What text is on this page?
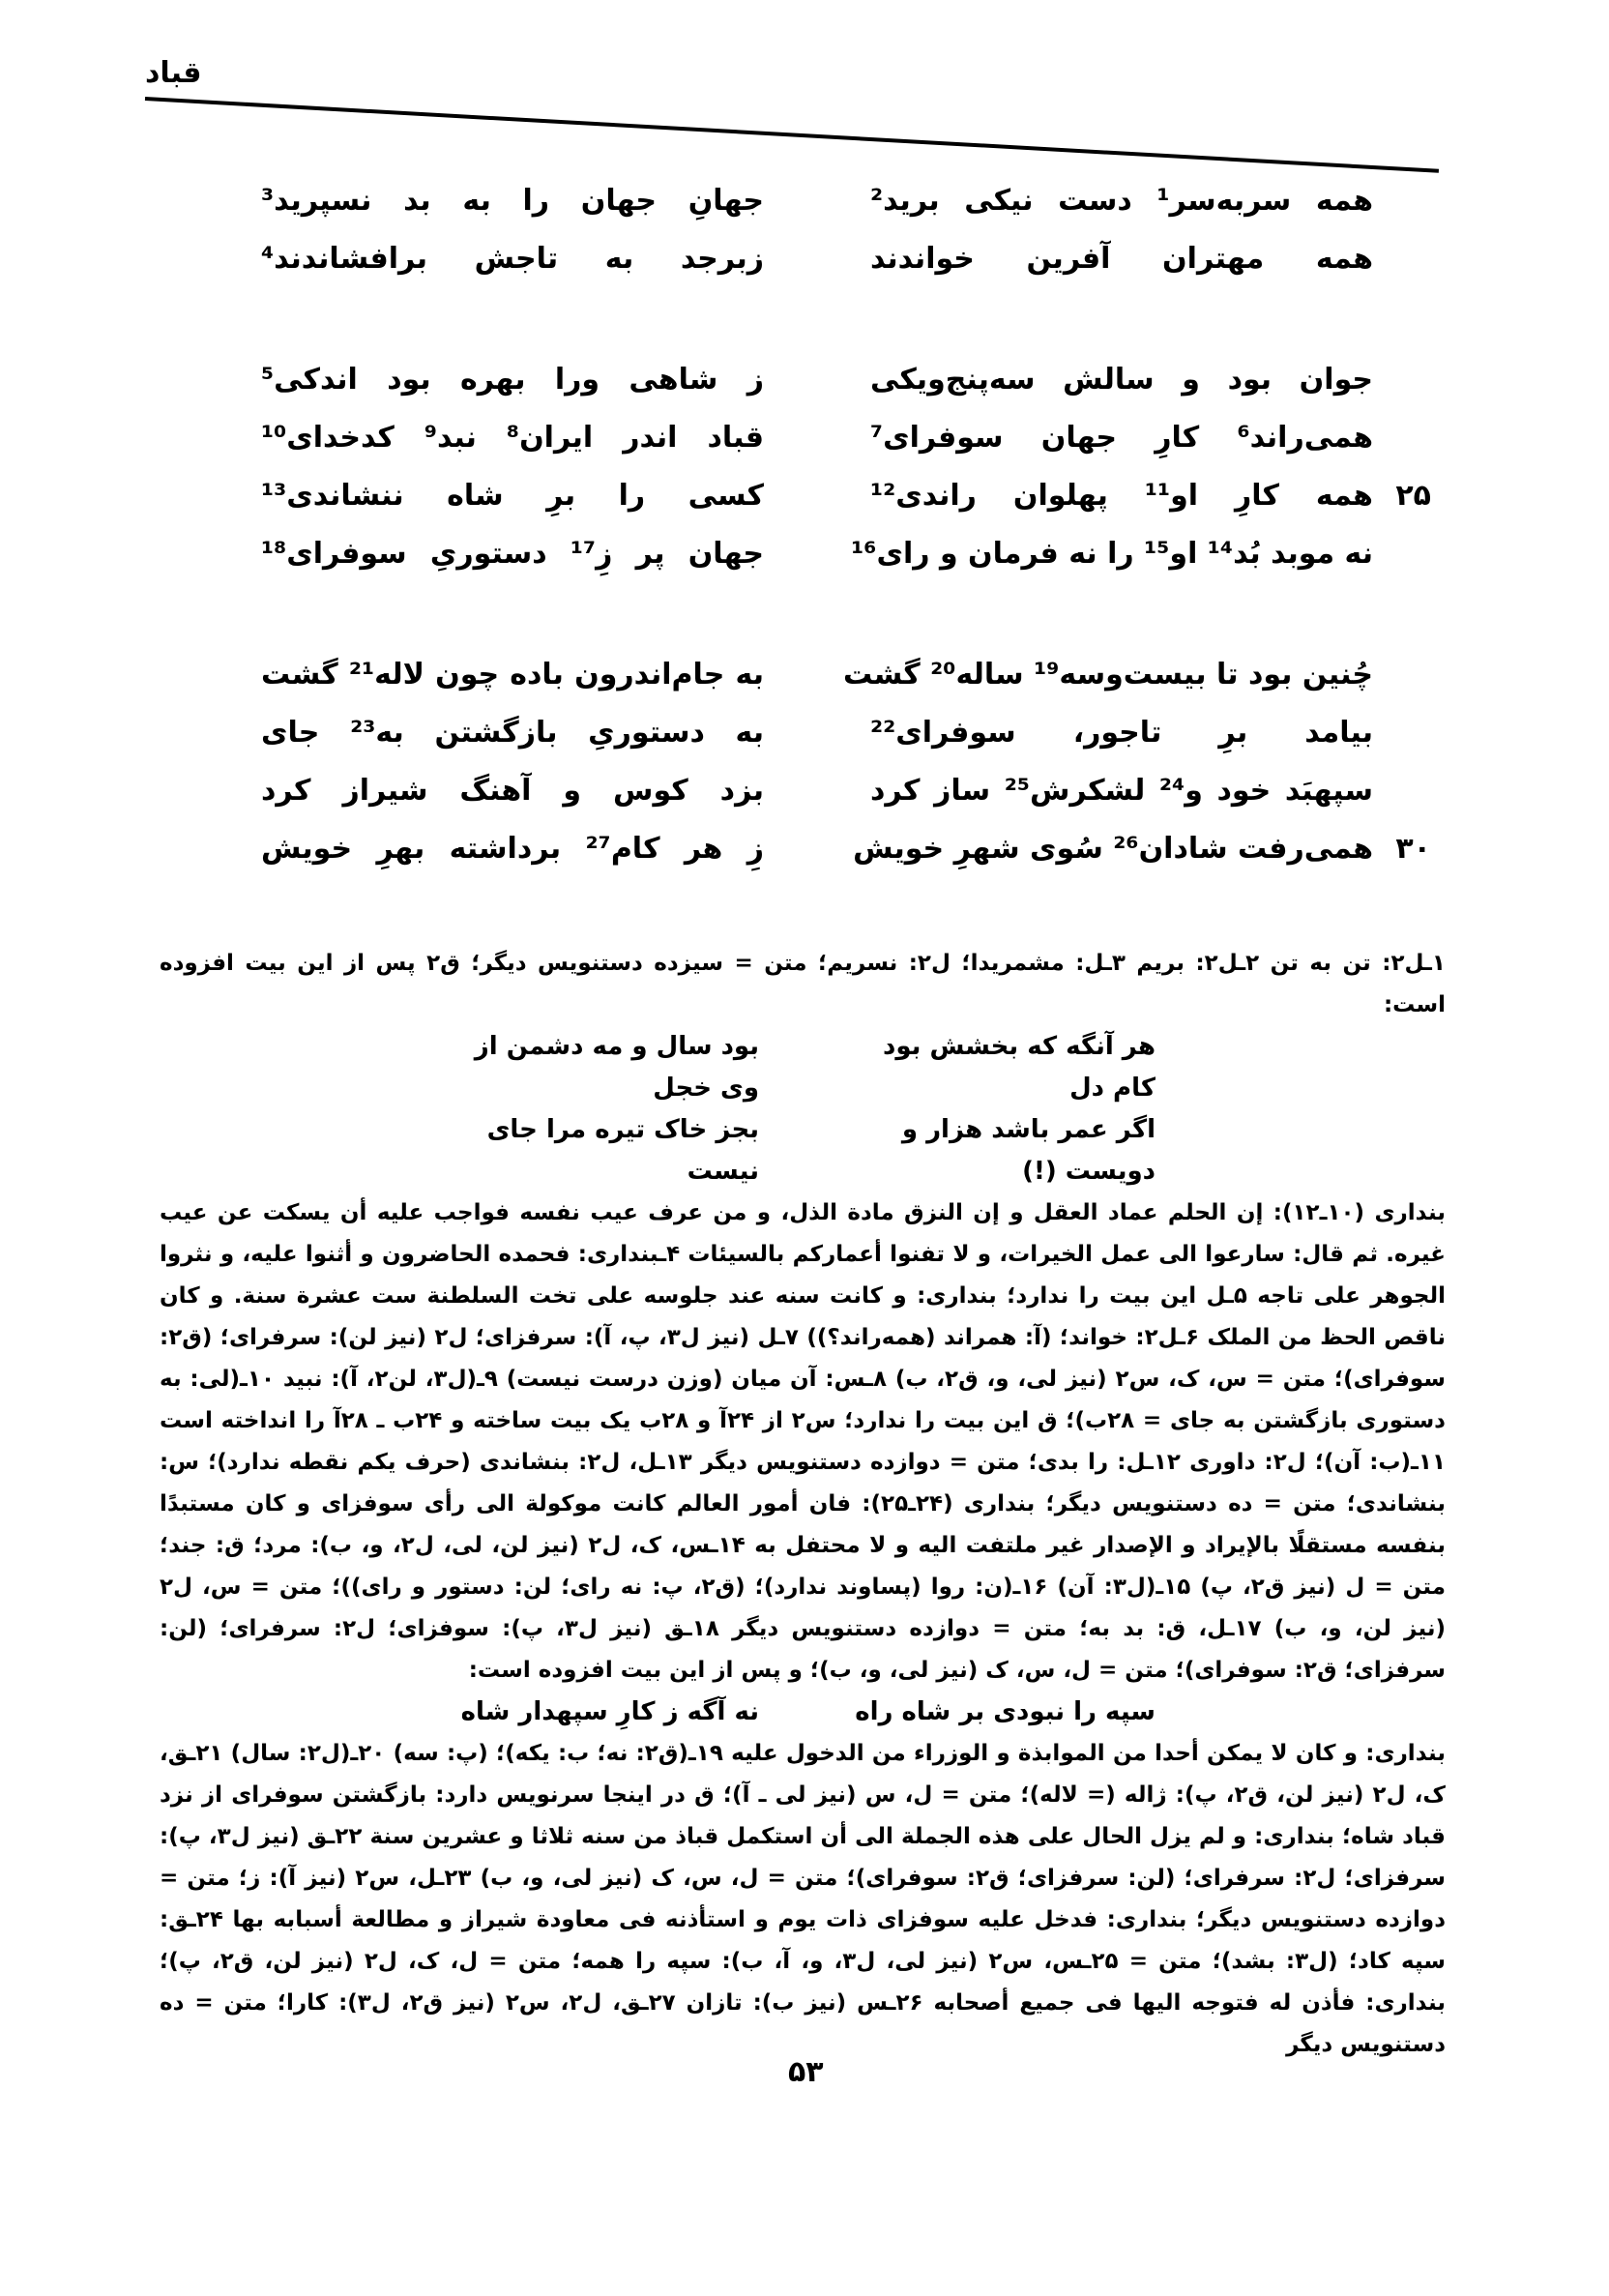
قباد
همه سربه‌سر¹ دست نیکی برید²
جهانِ جهان را به بد نسپرید³
همه مهتران آفرین خواندند
زبرجد به تاجش برافشاندند⁴
جوان بود و سالش سه‌پنج‌ویکی
ز شاهی ورا بهره بود اندکی⁵
همی‌راند⁶ کارِ جهان سوفرای⁷
قباد اندر ایران⁸ نبد⁹ کدخدای¹⁰
۲۵
همه کارِ او¹¹ پهلوان راندی¹²
کسی را برِ شاه ننشاندی¹³
نه موبد بُد¹⁴ او¹⁵ را نه فرمان و رای¹⁶
جهان پر زِ¹⁷ دستوریِ سوفرای¹⁸
چُنین بود تا بیست‌وسه¹⁹ ساله²⁰ گشت
به جام‌اندرون باده چون لاله²¹ گشت
بیامد برِ تاجور، سوفرای²²
به دستوریِ بازگشتن به²³ جای
سپهبَد خود و²⁴ لشکرش²⁵ ساز کرد
بزد کوس و آهنگ شیراز کرد
۳۰
همی‌رفت شادان²⁶ سُوی شهرِ خویش
زِ هر کام²⁷ برداشته بهرِ خویش

۱ـل۲: تن به تن ۲ـل۲: بریم ۳ـل: مشمریدا؛ ل۲: نسریم؛ متن = سیزده دستنویس دیگر؛ ق۲ پس از این بیت افزوده است:

هر آنگه که بخشش بود کام دل
بود سال و مه دشمن از وی خجل
اگر عمر باشد هزار و دویست (!)
بجز خاک تیره مرا جای نیست

بنداری (۱۰ـ۱۲): إن الحلم عماد العقل و إن النزق مادة الذل، و من عرف عیب نفسه فواجب علیه أن یسکت عن عیب غیره. ثم قال: سارعوا الی عمل الخیرات، و لا تفنوا أعمارکم بالسیئات ۴ـبنداری: فحمده الحاضرون و أثنوا علیه، و نثروا الجوهر علی تاجه ۵ـل این بیت را ندارد؛ بنداری: و کانت سنه عند جلوسه علی تخت السلطنة ست عشرة سنة. و کان ناقص الحظ من الملک ۶ـل۲: خواند؛ (آ: همراند (همه‌راند؟)) ۷ـل (نیز ل۳، پ، آ): سرفزای؛ ل۲ (نیز لن): سرفرای؛ (ق۲: سوفرای)؛ متن = س، ک، س۲ (نیز لی، و، ق۲، ب) ۸ـس: آن میان (وزن درست نیست) ۹ـ(ل۳، لن۲، آ): نبید ۱۰ـ(لی: به دستوری بازگشتن به جای = ۲۸ب)؛ ق این بیت را ندارد؛ س۲ از ۲۴آ و ۲۸ب یک بیت ساخته و ۲۴ب ـ ۲۸آ را انداخته است ۱۱ـ(ب: آن)؛ ل۲: داوری ۱۲ـل: را بدی؛ متن = دوازده دستنویس دیگر ۱۳ـل، ل۲: بنشاندی (حرف یکم نقطه ندارد)؛ س: بنشاندی؛ متن = ده دستنویس دیگر؛ بنداری (۲۴ـ۲۵): فان أمور العالم کانت موکولة الی رأی سوفزای و کان مستبدًا بنفسه مستقلًا بالإیراد و الإصدار غیر ملتفت الیه و لا محتفل به ۱۴ـس، ک، ل۲ (نیز لن، لی، ل۲، و، ب): مرد؛ ق: جند؛ متن = ل (نیز ق۲، پ) ۱۵ـ(ل۳: آن) ۱۶ـ(ن: روا (پساوند ندارد)؛ (ق۲، پ: نه رای؛ لن: دستور و رای))؛ متن = س، ل۲ (نیز لن، و، ب) ۱۷ـل، ق: بد به؛ متن = دوازده دستنویس دیگر ۱۸ـق (نیز ل۳، پ): سوفزای؛ ل۲: سرفرای؛ (لن: سرفزای؛ ق۲: سوفرای)؛ متن = ل، س، ک (نیز لی، و، ب)؛ و پس از این بیت افزوده است:

سپه را نبودی بر شاه راه
نه آگه ز کارِ سپهدار شاه

بنداری: و کان لا یمکن أحدا من الموابذة و الوزراء من الدخول علیه ۱۹ـ(ق۲: نه؛ ب: یکه)؛ (پ: سه) ۲۰ـ(ل۲: سال) ۲۱ـق، ک، ل۲ (نیز لن، ق۲، پ): ژاله (= لاله)؛ متن = ل، س (نیز لی ـ آ)؛ ق در اینجا سرنویس دارد: بازگشتن سوفرای از نزد قباد شاه؛ بنداری: و لم یزل الحال علی هذه الجملة الی أن استکمل قباذ من سنه ثلاثا و عشرین سنة ۲۲ـق (نیز ل۳، پ): سرفزای؛ ل۲: سرفرای؛ (لن: سرفزای؛ ق۲: سوفرای)؛ متن = ل، س، ک (نیز لی، و، ب) ۲۳ـل، س۲ (نیز آ): ز؛ متن = دوازده دستنویس دیگر؛ بنداری: فدخل علیه سوفزای ذات یوم و استأذنه فی معاودة شیراز و مطالعة أسبابه بها ۲۴ـق: سپه کاد؛ (ل۳: بشد)؛ متن = ۲۵ـس، س۲ (نیز لی، ل۳، و، آ، ب): سپه را همه؛ متن = ل، ک، ل۲ (نیز لن، ق۲، پ)؛ بنداری: فأذن له فتوجه الیها فی جمیع أصحابه ۲۶ـس (نیز ب): تازان ۲۷ـق، ل۲، س۲ (نیز ق۲، ل۳): کارا؛ متن = ده دستنویس دیگر

۵۳
